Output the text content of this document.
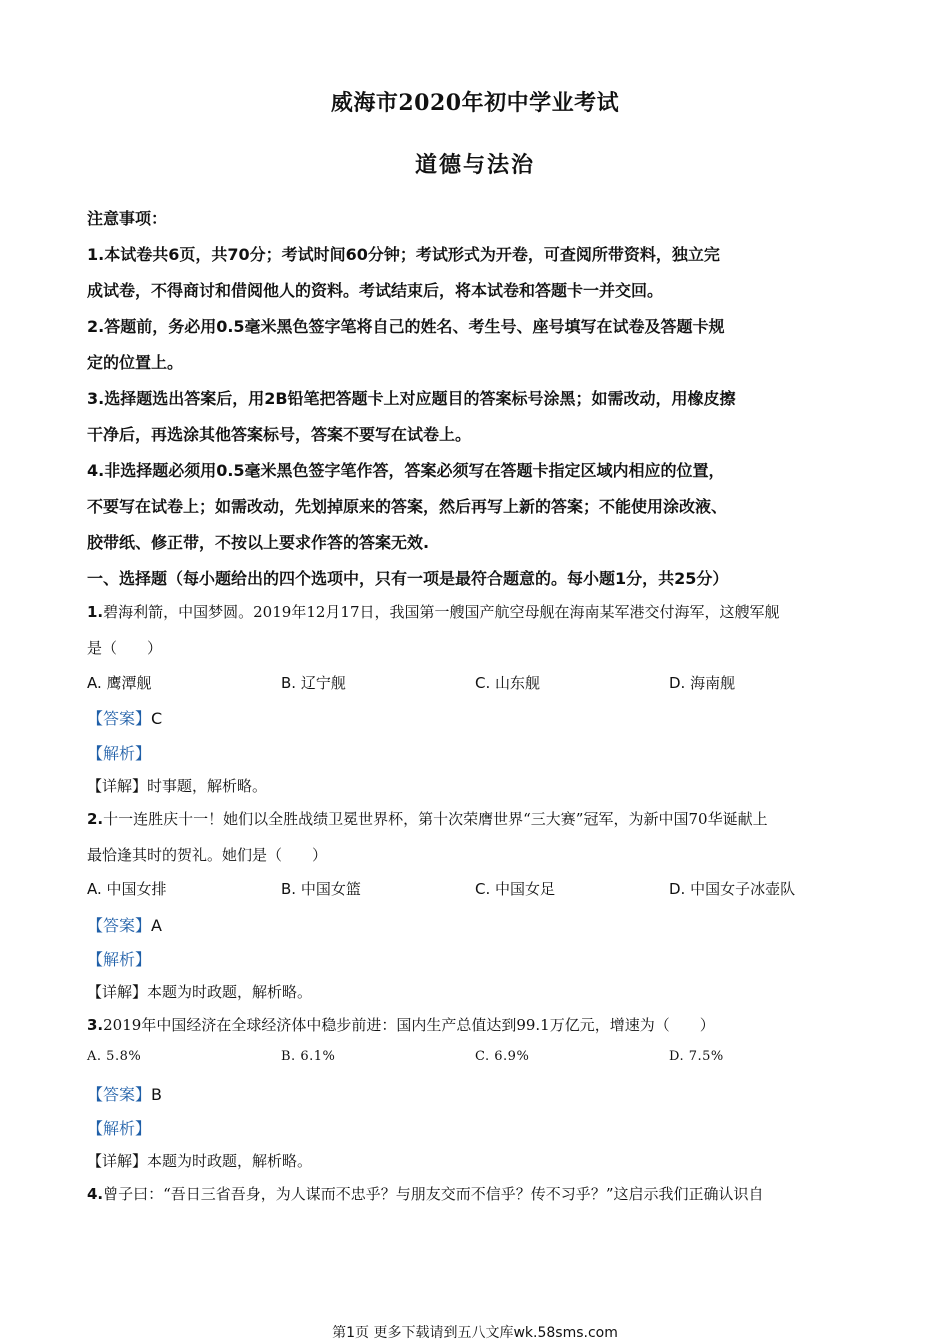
威海市2020年初中学业考试
道德与法治
注意事项：
1.本试卷共6页，共70分；考试时间60分钟；考试形式为开卷，可查阅所带资料，独立完
成试卷，不得商讨和借阅他人的资料。考试结束后，将本试卷和答题卡一并交回。
2.答题前，务必用0.5毫米黑色签字笔将自己的姓名、考生号、座号填写在试卷及答题卡规
定的位置上。
3.选择题选出答案后，用2B铅笔把答题卡上对应题目的答案标号涂黑；如需改动，用橡皮擦
干净后，再选涂其他答案标号，答案不要写在试卷上。
4.非选择题必须用0.5毫米黑色签字笔作答，答案必须写在答题卡指定区域内相应的位置，
不要写在试卷上；如需改动，先划掉原来的答案，然后再写上新的答案；不能使用涂改液、
胶带纸、修正带，不按以上要求作答的答案无效.
一、选择题（每小题给出的四个选项中，只有一项是最符合题意的。每小题1分，共25分）
1.碧海利箭，中国梦圆。2019年12月17日，我国第一艘国产航空母舰在海南某军港交付海军，这艘军舰
是（　　）
A. 鹰潭舰	B. 辽宁舰	C. 山东舰	D. 海南舰
【答案】C
【解析】
【详解】时事题，解析略。
2.十一连胜庆十一！她们以全胜战绩卫冕世界杯，第十次荣膺世界“三大赛”冠军，为新中国70华诞献上
最恰逢其时的贺礼。她们是（　　）
A. 中国女排	B. 中国女篮	C. 中国女足	D. 中国女子冰壶队
【答案】A
【解析】
【详解】本题为时政题，解析略。
3.2019年中国经济在全球经济体中稳步前进：国内生产总值达到99.1万亿元，增速为（　　）
A. 5.8%	B. 6.1%	C. 6.9%	D. 7.5%
【答案】B
【解析】
【详解】本题为时政题，解析略。
4.曾子曰：“吾日三省吾身，为人谋而不忠乎？与朋友交而不信乎？传不习乎？”这启示我们正确认识自
第1页 更多下载请到五八文库wk.58sms.com
